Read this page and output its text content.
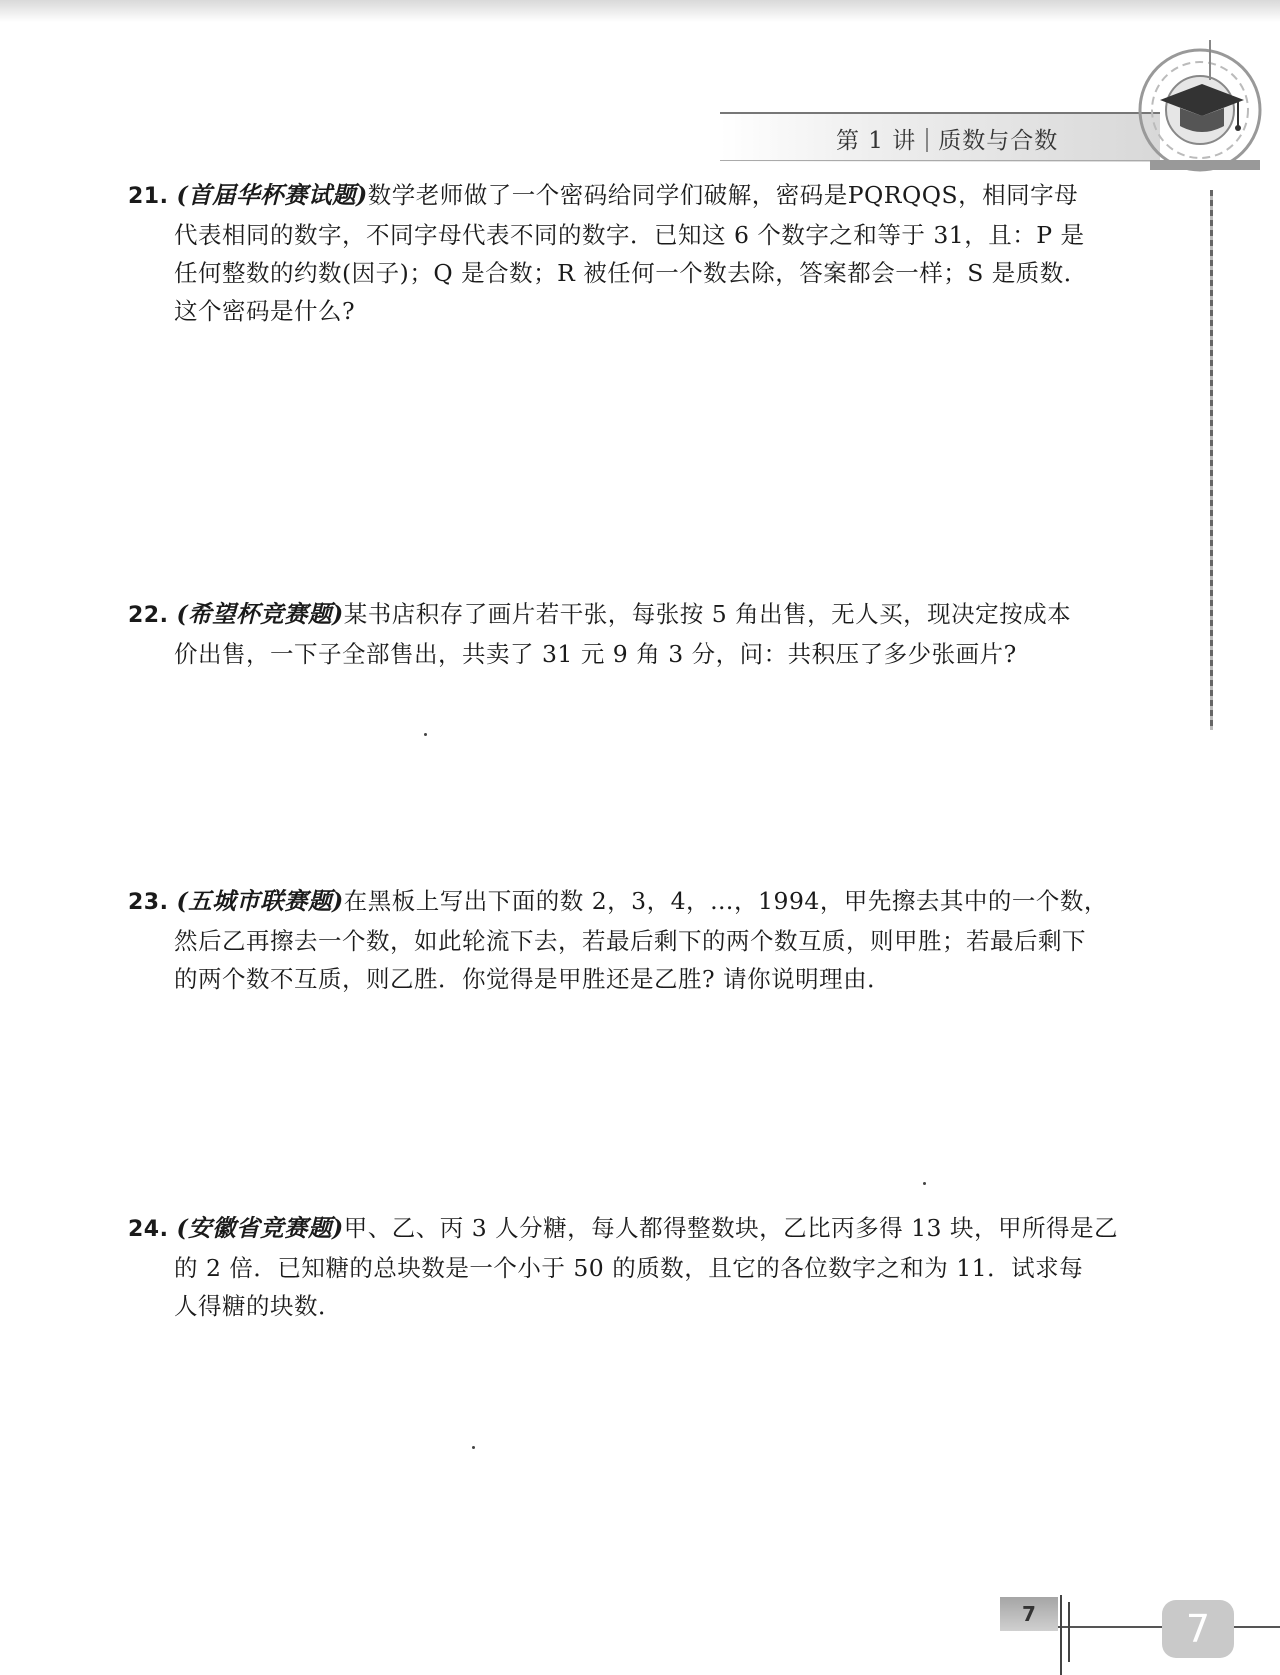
第 1 讲 质数与合数

21. (首届华杯赛试题)数学老师做了一个密码给同学们破解，密码是PQRQQS，相同字母

代表相同的数字，不同字母代表不同的数字．已知这 6 个数字之和等于 31，且：P 是

任何整数的约数(因子)；Q 是合数；R 被任何一个数去除，答案都会一样；S 是质数．

这个密码是什么?

22. (希望杯竞赛题)某书店积存了画片若干张，每张按 5 角出售，无人买，现决定按成本

价出售，一下子全部售出，共卖了 31 元 9 角 3 分，问：共积压了多少张画片?

23. (五城市联赛题)在黑板上写出下面的数 2，3，4，…，1994，甲先擦去其中的一个数，

然后乙再擦去一个数，如此轮流下去，若最后剩下的两个数互质，则甲胜；若最后剩下

的两个数不互质，则乙胜．你觉得是甲胜还是乙胜? 请你说明理由．

24. (安徽省竞赛题)甲、乙、丙 3 人分糖，每人都得整数块，乙比丙多得 13 块，甲所得是乙

的 2 倍．已知糖的总块数是一个小于 50 的质数，且它的各位数字之和为 11．试求每

人得糖的块数．

7	7
